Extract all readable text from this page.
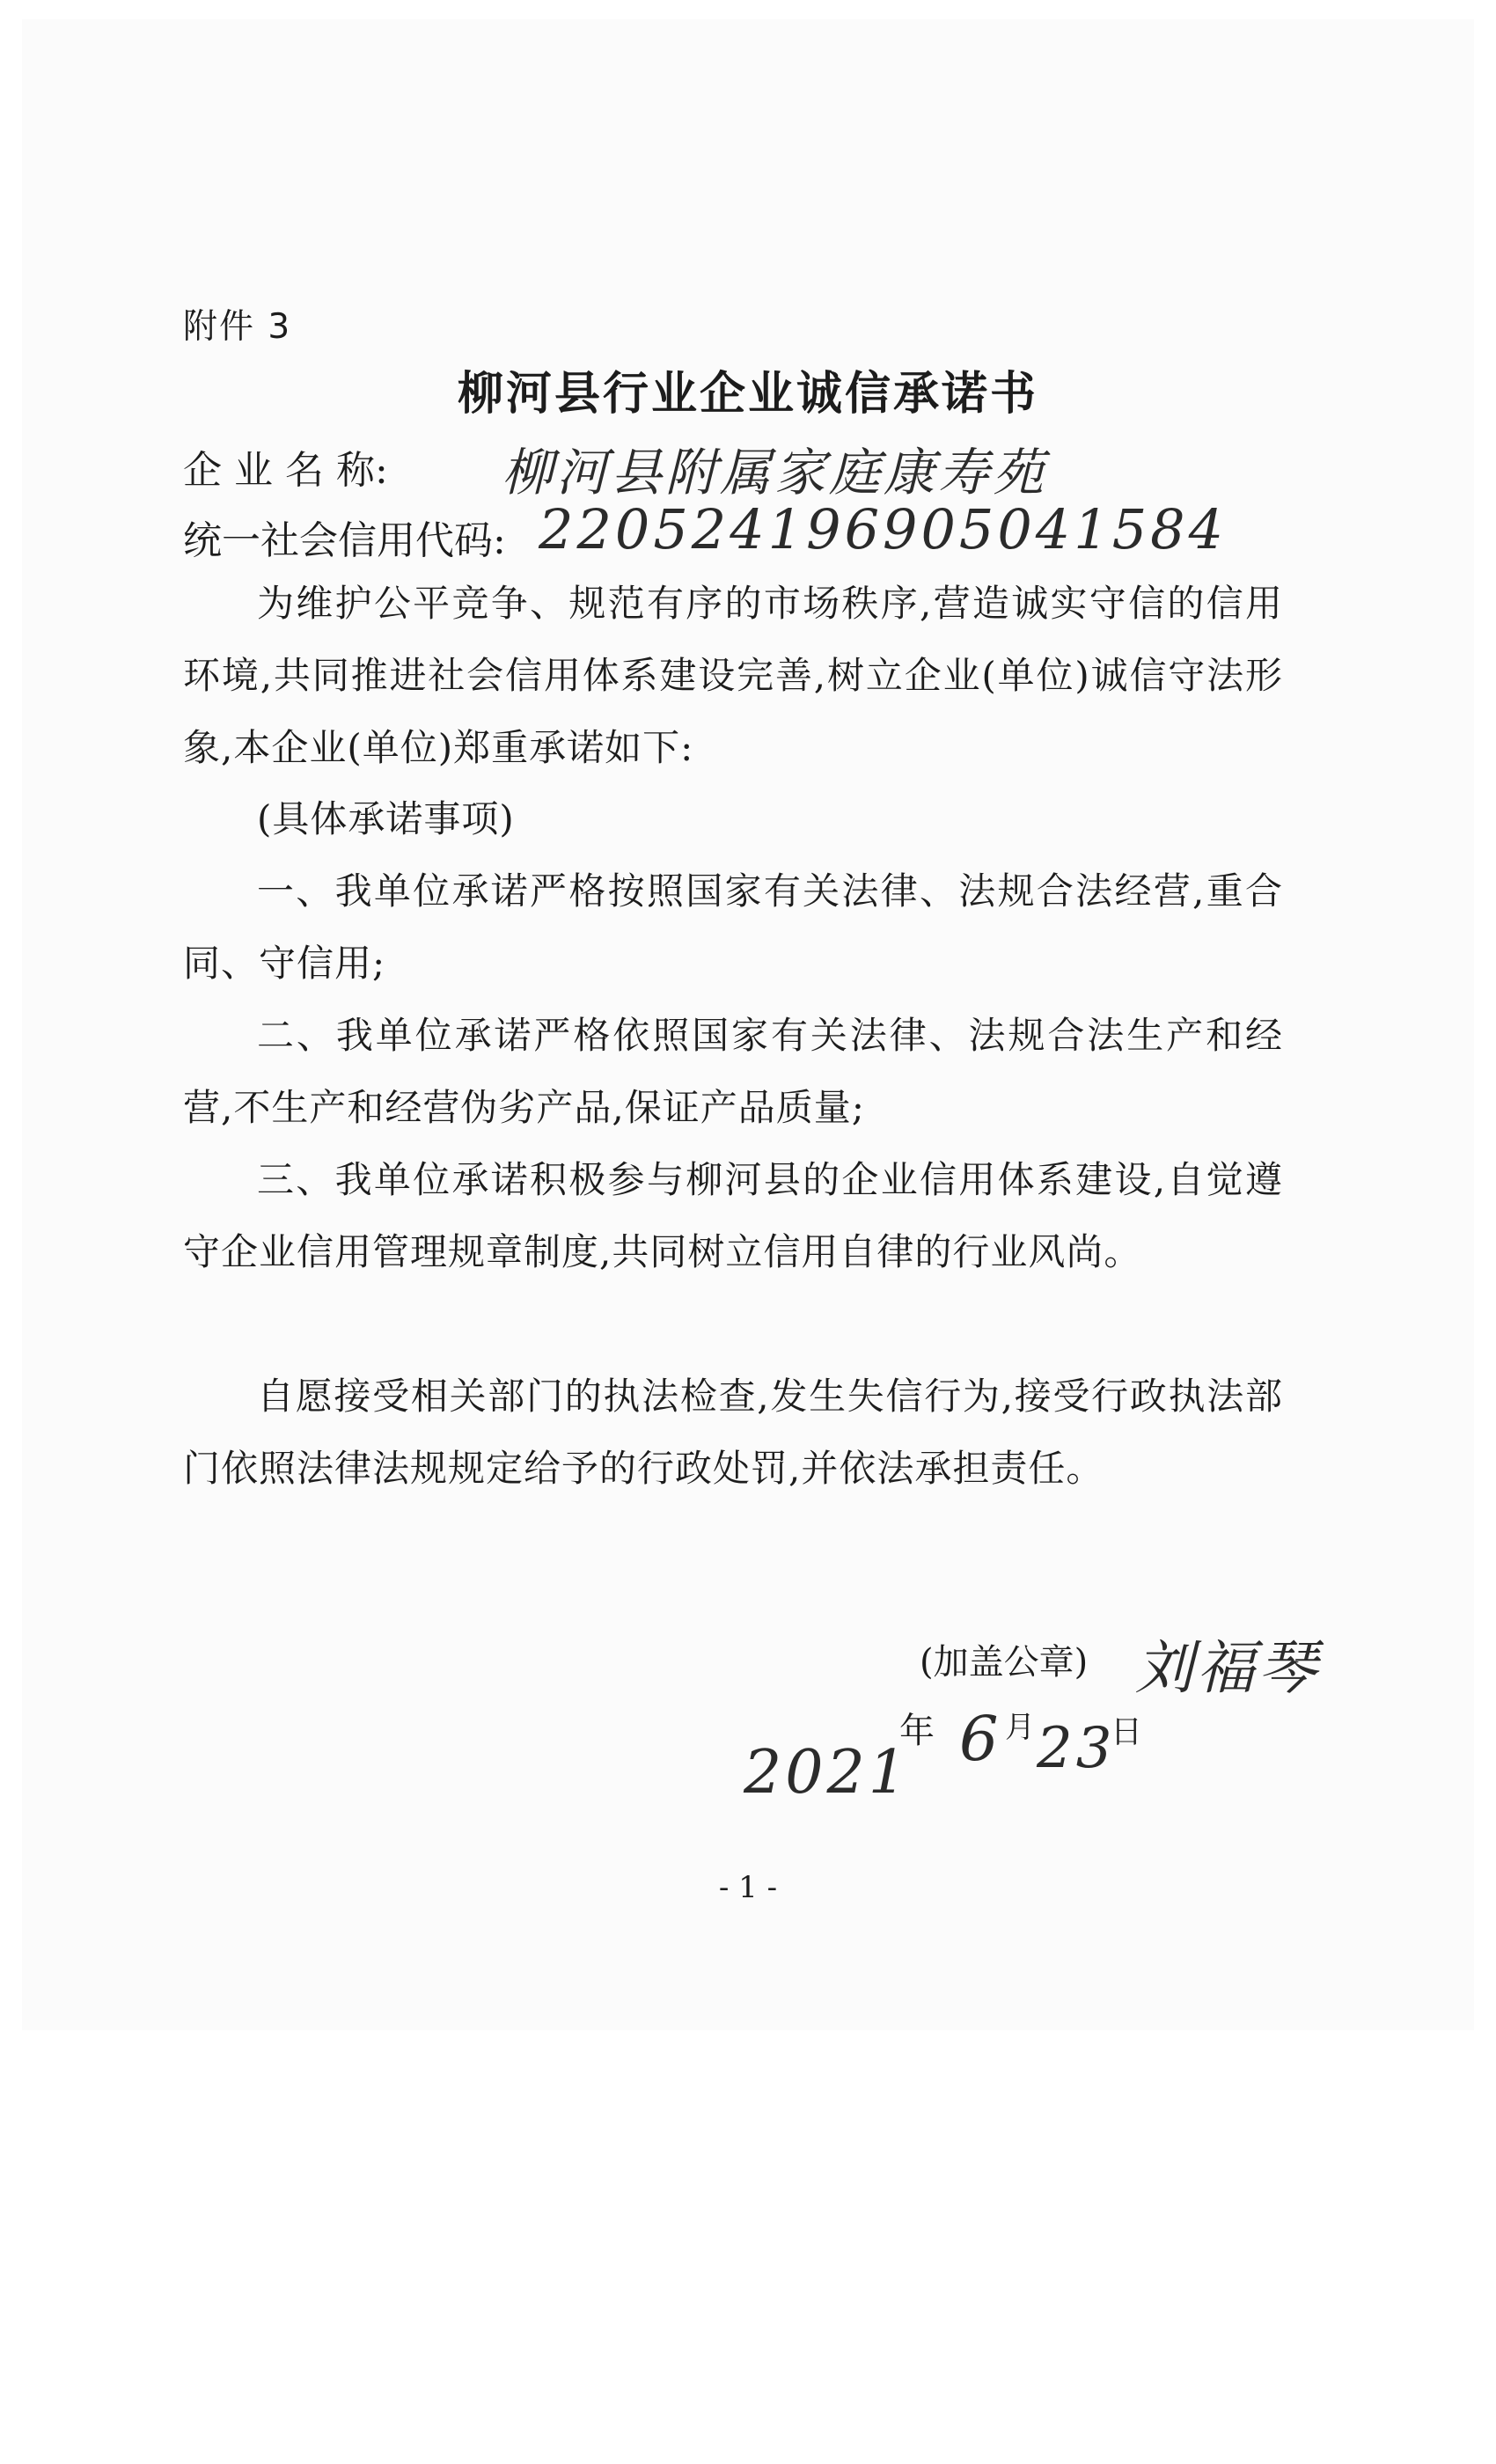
附件 3
柳河县行业企业诚信承诺书
企 业 名 称: 柳河县附属家庭康寿苑
统一社会信用代码: 220524196905041584
为维护公平竞争、规范有序的市场秩序,营造诚实守信的信用环境,共同推进社会信用体系建设完善,树立企业(单位)诚信守法形象,本企业(单位)郑重承诺如下:
(具体承诺事项)
一、我单位承诺严格按照国家有关法律、法规合法经营,重合同、守信用;
二、我单位承诺严格依照国家有关法律、法规合法生产和经营,不生产和经营伪劣产品,保证产品质量;
三、我单位承诺积极参与柳河县的企业信用体系建设,自觉遵守企业信用管理规章制度,共同树立信用自律的行业风尚。
自愿接受相关部门的执法检查,发生失信行为,接受行政执法部门依照法律法规规定给予的行政处罚,并依法承担责任。
(加盖公章) 刘福琴
2021
年 6 月 23
日
- 1 -
